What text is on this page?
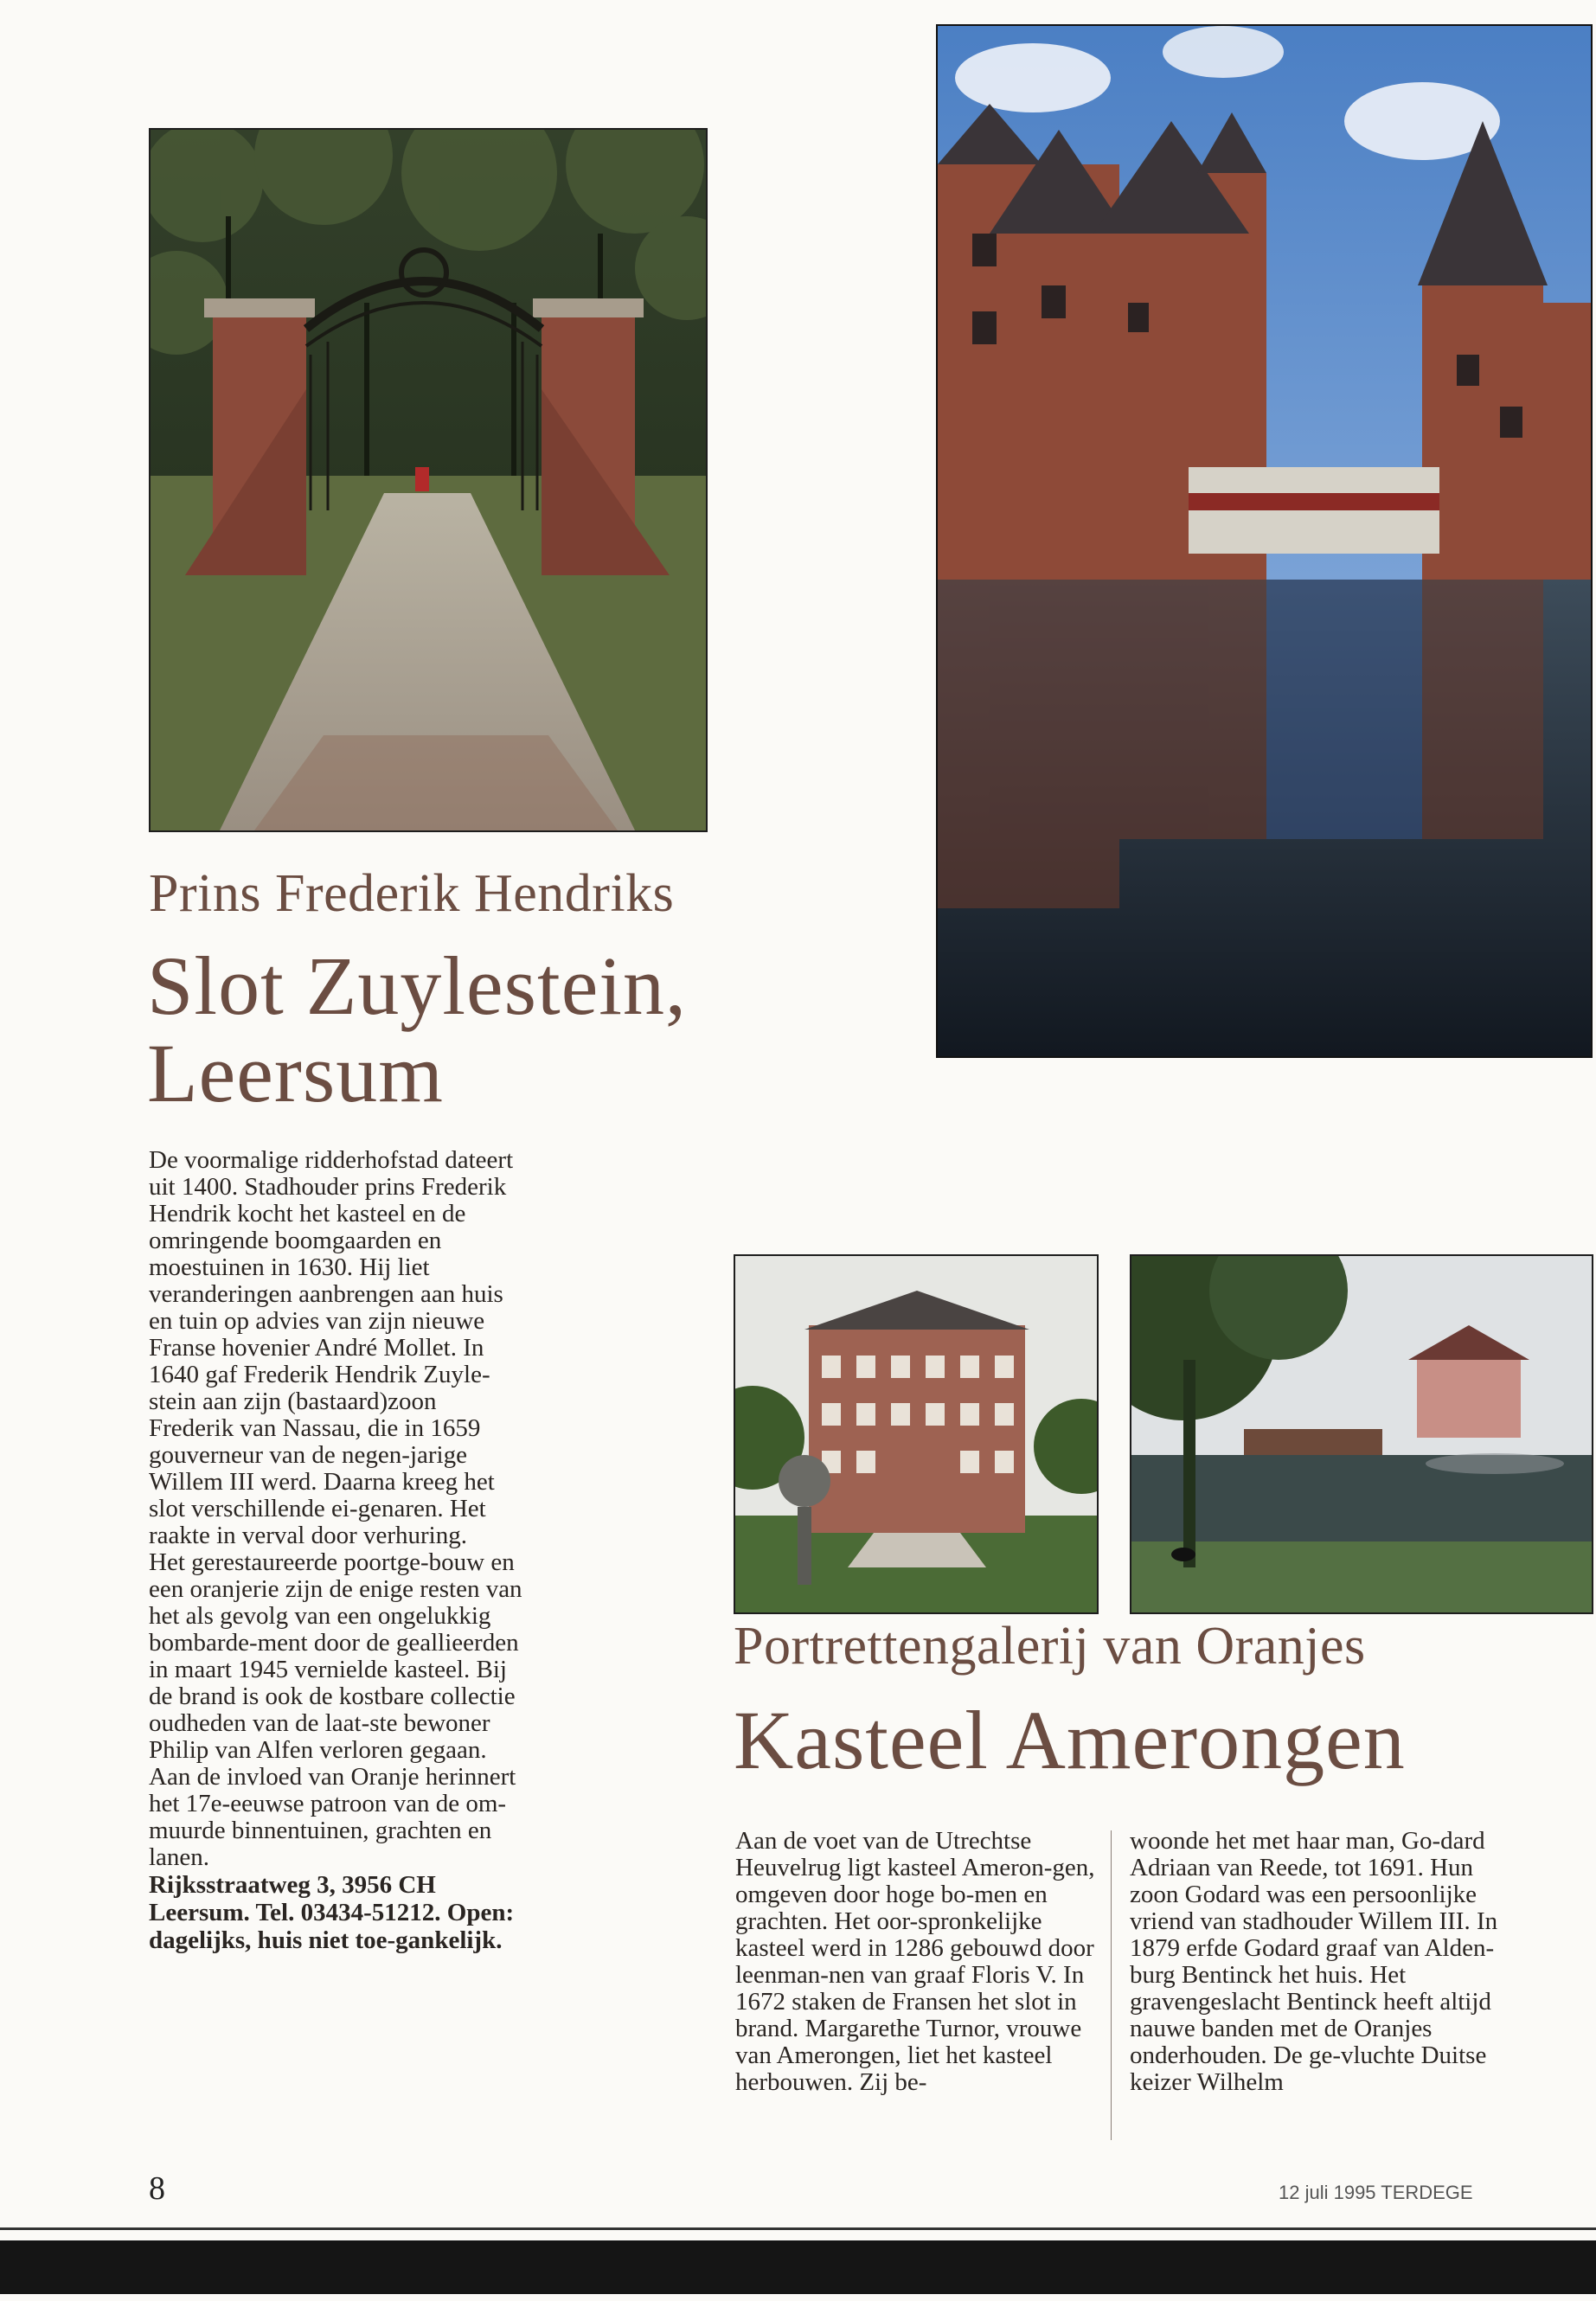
Prins Frederik Hendriks
Slot Zuylestein, Leersum

De voormalige ridderhofstad dateert uit 1400. Stadhouder prins Frederik Hendrik kocht het kasteel en de omringende boomgaarden en moestuinen in 1630. Hij liet veranderingen aanbrengen aan huis en tuin op advies van zijn nieuwe Franse hovenier André Mollet. In 1640 gaf Frederik Hendrik Zuyle-stein aan zijn (bastaard)zoon Frederik van Nassau, die in 1659 gouverneur van de negen-jarige Willem III werd. Daarna kreeg het slot verschillende ei-genaren. Het raakte in verval door verhuring.

Het gerestaureerde poortge-bouw en een oranjerie zijn de enige resten van het als gevolg van een ongelukkig bombarde-ment door de geallieerden in maart 1945 vernielde kasteel. Bij de brand is ook de kostbare collectie oudheden van de laat-ste bewoner Philip van Alfen verloren gegaan. Aan de invloed van Oranje herinnert het 17e-eeuwse patroon van de om-muurde binnentuinen, grachten en lanen.

Rijksstraatweg 3, 3956 CH Leersum. Tel. 03434-51212. Open: dagelijks, huis niet toe-gankelijk.

Portrettengalerij van Oranjes
Kasteel Amerongen

Aan de voet van de Utrechtse Heuvelrug ligt kasteel Ameron-gen, omgeven door hoge bo-men en grachten. Het oor-spronkelijke kasteel werd in 1286 gebouwd door leenman-nen van graaf Floris V. In 1672 staken de Fransen het slot in brand. Margarethe Turnor, vrouwe van Amerongen, liet het kasteel herbouwen. Zij be-

woonde het met haar man, Go-dard Adriaan van Reede, tot 1691. Hun zoon Godard was een persoonlijke vriend van stadhouder Willem III. In 1879 erfde Godard graaf van Alden-burg Bentinck het huis. Het gravengeslacht Bentinck heeft altijd nauwe banden met de Oranjes onderhouden. De ge-vluchte Duitse keizer Wilhelm

8	12 juli 1995 TERDEGE
